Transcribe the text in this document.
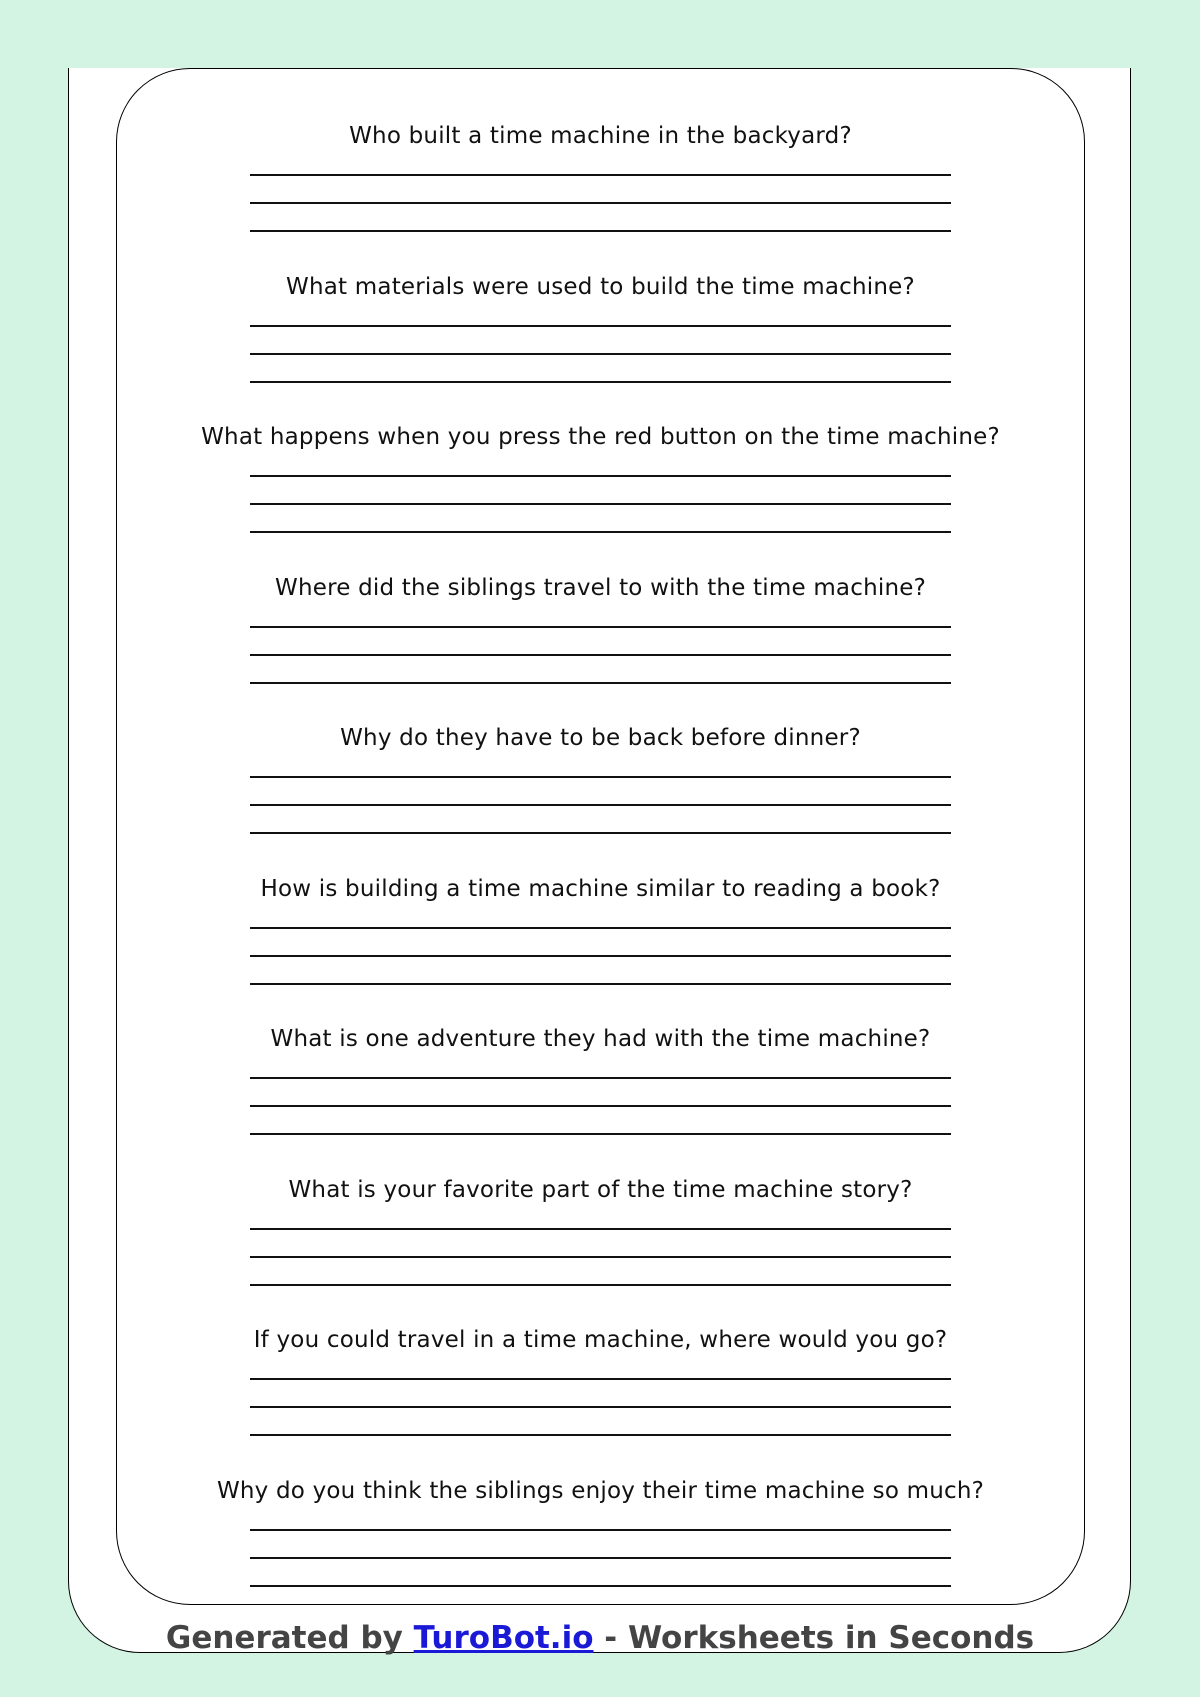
Who built a time machine in the backyard?
What materials were used to build the time machine?
What happens when you press the red button on the time machine?
Where did the siblings travel to with the time machine?
Why do they have to be back before dinner?
How is building a time machine similar to reading a book?
What is one adventure they had with the time machine?
What is your favorite part of the time machine story?
If you could travel in a time machine, where would you go?
Why do you think the siblings enjoy their time machine so much?
Generated by TuroBot.io - Worksheets in Seconds
